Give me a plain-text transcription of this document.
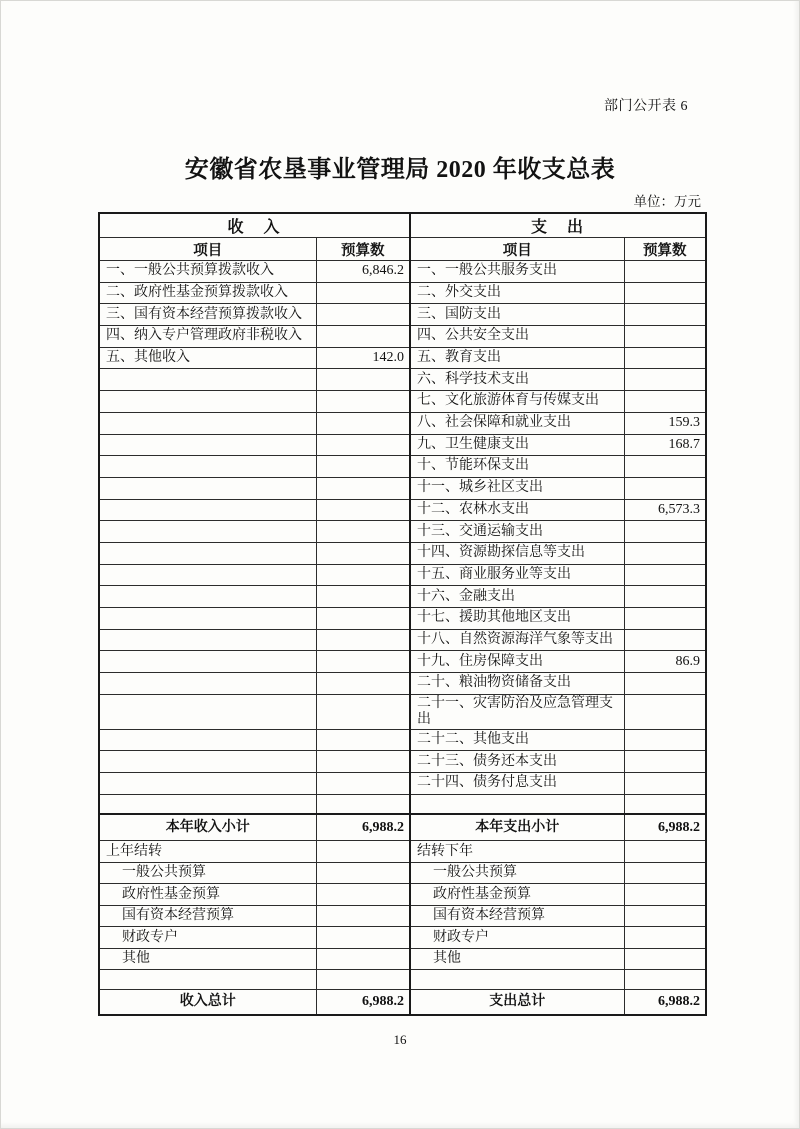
部门公开表 6
安徽省农垦事业管理局 2020 年收支总表
单位：万元
收　入		支　出	
项目	预算数	项目	预算数
一、一般公共预算拨款收入	6,846.2	一、一般公共服务支出	
二、政府性基金预算拨款收入		二、外交支出	
三、国有资本经营预算拨款收入		三、国防支出	
四、纳入专户管理政府非税收入		四、公共安全支出	
五、其他收入	142.0	五、教育支出	
		六、科学技术支出	
		七、文化旅游体育与传媒支出	
		八、社会保障和就业支出	159.3
		九、卫生健康支出	168.7
		十、节能环保支出	
		十一、城乡社区支出	
		十二、农林水支出	6,573.3
		十三、交通运输支出	
		十四、资源勘探信息等支出	
		十五、商业服务业等支出	
		十六、金融支出	
		十七、援助其他地区支出	
		十八、自然资源海洋气象等支出	
		十九、住房保障支出	86.9
		二十、粮油物资储备支出	
		二十一、灾害防治及应急管理支出	
		二十二、其他支出	
		二十三、债务还本支出	
		二十四、债务付息支出	

本年收入小计	6,988.2	本年支出小计	6,988.2
上年结转		结转下年	
一般公共预算		一般公共预算	
政府性基金预算		政府性基金预算	
国有资本经营预算		国有资本经营预算	
财政专户		财政专户	
其他		其他	

收入总计	6,988.2	支出总计	6,988.2
16
